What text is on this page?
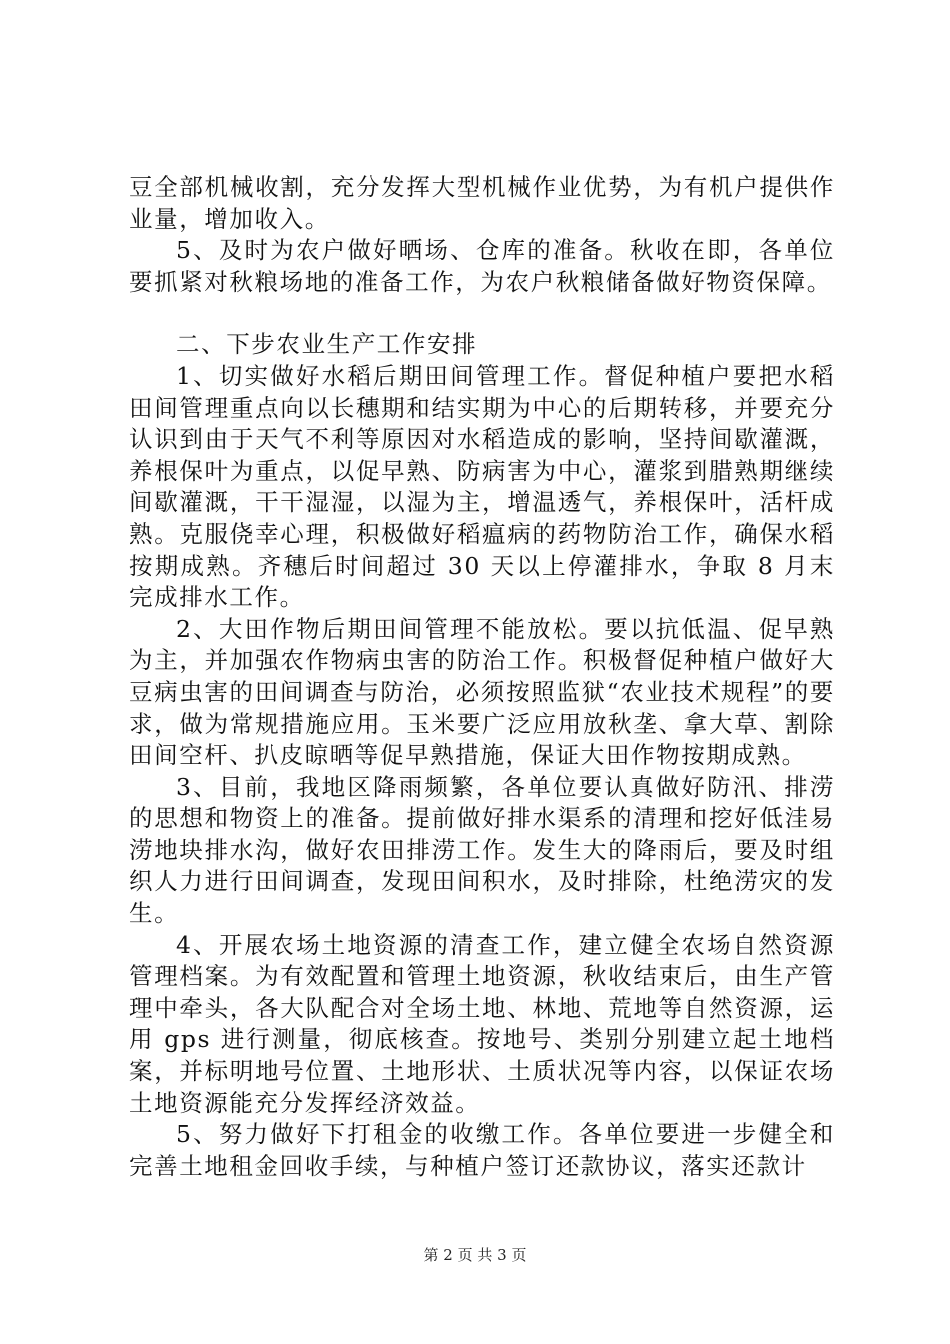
豆全部机械收割，充分发挥大型机械作业优势，为有机户提供作业量，增加收入。

5、及时为农户做好晒场、仓库的准备。秋收在即，各单位要抓紧对秋粮场地的准备工作，为农户秋粮储备做好物资保障。

二、下步农业生产工作安排

1、切实做好水稻后期田间管理工作。督促种植户要把水稻田间管理重点向以长穗期和结实期为中心的后期转移，并要充分认识到由于天气不利等原因对水稻造成的影响，坚持间歇灌溉，养根保叶为重点，以促早熟、防病害为中心，灌浆到腊熟期继续间歇灌溉，干干湿湿，以湿为主，增温透气，养根保叶，活杆成熟。克服侥幸心理，积极做好稻瘟病的药物防治工作，确保水稻按期成熟。齐穗后时间超过 30 天以上停灌排水，争取 8 月末完成排水工作。

2、大田作物后期田间管理不能放松。要以抗低温、促早熟为主，并加强农作物病虫害的防治工作。积极督促种植户做好大豆病虫害的田间调查与防治，必须按照监狱“农业技术规程”的要求，做为常规措施应用。玉米要广泛应用放秋垄、拿大草、割除田间空杆、扒皮晾晒等促早熟措施，保证大田作物按期成熟。

3、目前，我地区降雨频繁，各单位要认真做好防汛、排涝的思想和物资上的准备。提前做好排水渠系的清理和挖好低洼易涝地块排水沟，做好农田排涝工作。发生大的降雨后，要及时组织人力进行田间调查，发现田间积水，及时排除，杜绝涝灾的发生。

4、开展农场土地资源的清查工作，建立健全农场自然资源管理档案。为有效配置和管理土地资源，秋收结束后，由生产管理中牵头，各大队配合对全场土地、林地、荒地等自然资源，运用 gps 进行测量，彻底核查。按地号、类别分别建立起土地档案，并标明地号位置、土地形状、土质状况等内容，以保证农场土地资源能充分发挥经济效益。

5、努力做好下打租金的收缴工作。各单位要进一步健全和完善土地租金回收手续，与种植户签订还款协议，落实还款计

第 2 页 共 3 页
